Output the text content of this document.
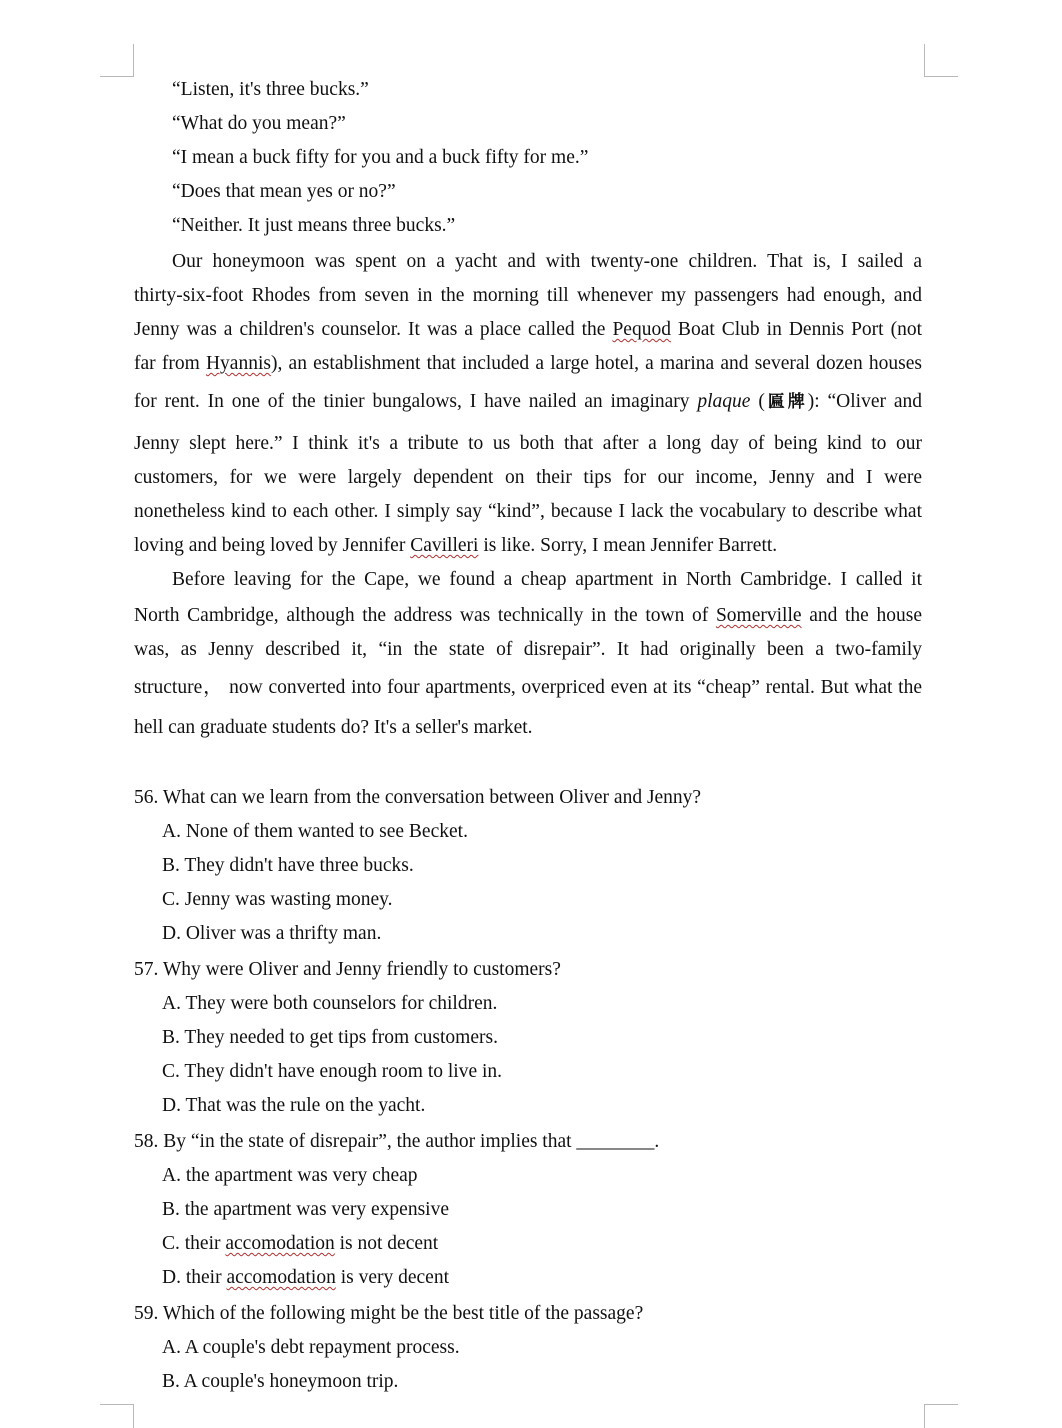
“Listen, it's three bucks.”
“What do you mean?”
“I mean a buck fifty for you and a buck fifty for me.”
“Does that mean yes or no?”
“Neither. It just means three bucks.”
Our honeymoon was spent on a yacht and with twenty-one children. That is, I sailed a
thirty-six-foot Rhodes from seven in the morning till whenever my passengers had enough, and
Jenny was a children's counselor. It was a place called the Pequod Boat Club in Dennis Port (not
far from Hyannis), an establishment that included a large hotel, a marina and several dozen houses
for rent. In one of the tinier bungalows, I have nailed an imaginary plaque (匾牌): “Oliver and
Jenny slept here.” I think it's a tribute to us both that after a long day of being kind to our
customers, for we were largely dependent on their tips for our income, Jenny and I were
nonetheless kind to each other. I simply say “kind”, because I lack the vocabulary to describe what
loving and being loved by Jennifer Cavilleri is like. Sorry, I mean Jennifer Barrett.
Before leaving for the Cape, we found a cheap apartment in North Cambridge. I called it
North Cambridge, although the address was technically in the town of Somerville and the house
was, as Jenny described it, “in the state of disrepair”. It had originally been a two-family
structure， now converted into four apartments, overpriced even at its “cheap” rental. But what the
hell can graduate students do? It's a seller's market.
56. What can we learn from the conversation between Oliver and Jenny?
A. None of them wanted to see Becket.
B. They didn't have three bucks.
C. Jenny was wasting money.
D. Oliver was a thrifty man.
57. Why were Oliver and Jenny friendly to customers?
A. They were both counselors for children.
B. They needed to get tips from customers.
C. They didn't have enough room to live in.
D. That was the rule on the yacht.
58. By “in the state of disrepair”, the author implies that ________.
A. the apartment was very cheap
B. the apartment was very expensive
C. their accomodation is not decent
D. their accomodation is very decent
59. Which of the following might be the best title of the passage?
A. A couple's debt repayment process.
B. A couple's honeymoon trip.
